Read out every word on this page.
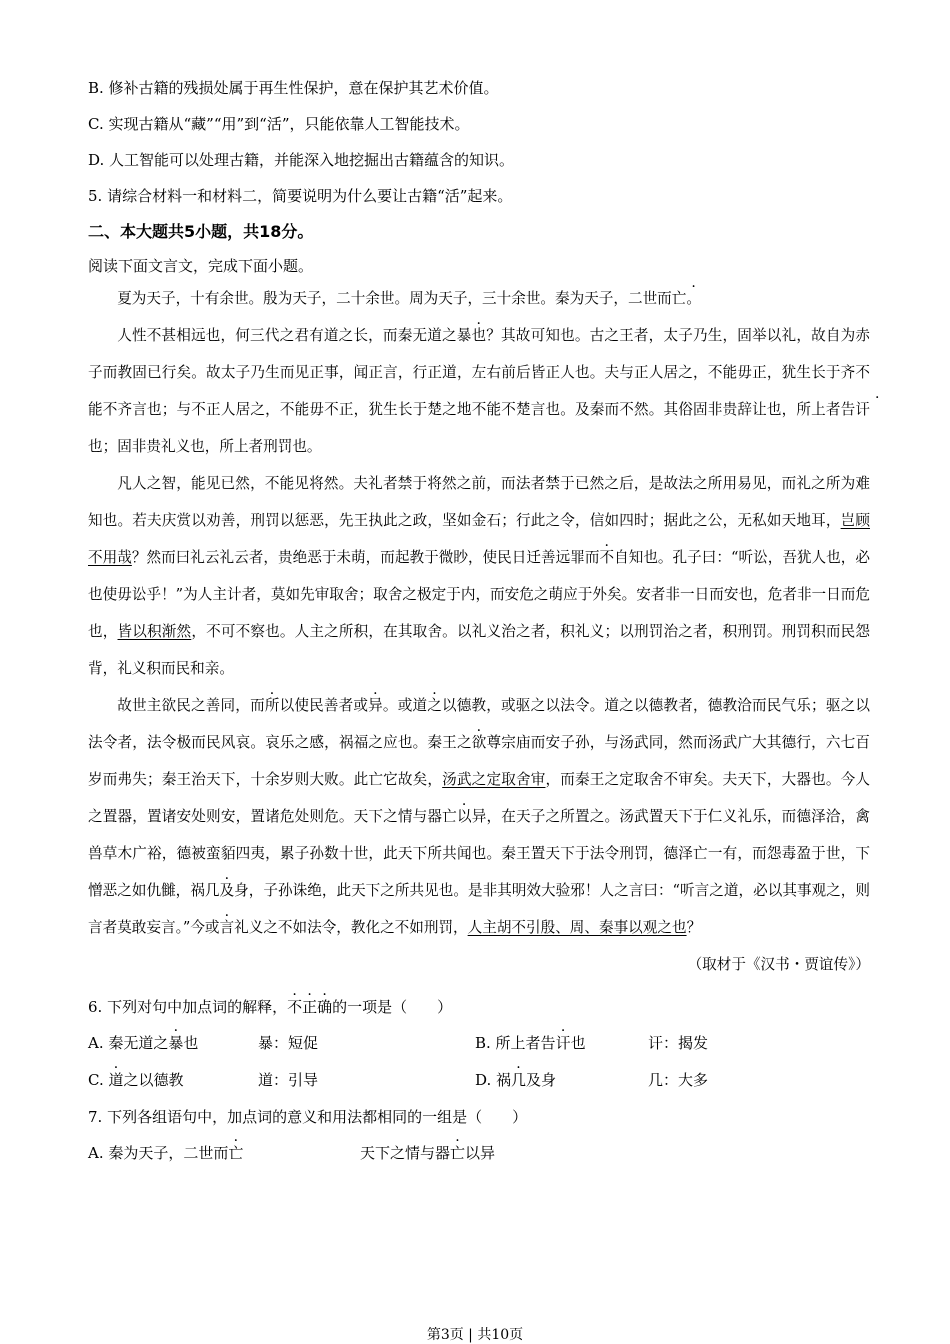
B. 修补古籍的残损处属于再生性保护，意在保护其艺术价值。
C. 实现古籍从“藏”“用”到“活”，只能依靠人工智能技术。
D. 人工智能可以处理古籍，并能深入地挖掘出古籍蕴含的知识。
5. 请综合材料一和材料二，简要说明为什么要让古籍“活”起来。
二、本大题共5小题，共18分。
阅读下面文言文，完成下面小题。

夏为天子，十有余世。殷为天子，二十余世。周为天子，三十余世。秦为天子，二世而亡。

人性不甚相远也，何三代之君有道之长，而秦无道之暴也？其故可知也。古之王者，太子乃生，固举以礼，故自为赤子而教固已行矣。故太子乃生而见正事，闻正言，行正道，左右前后皆正人也。夫与正人居之，不能毋正，犹生长于齐不能不齐言也；与不正人居之，不能毋不正，犹生长于楚之地不能不楚言也。及秦而不然。其俗固非贵辞让也，所上者告讦也；固非贵礼义也，所上者刑罚也。

凡人之智，能见已然，不能见将然。夫礼者禁于将然之前，而法者禁于已然之后，是故法之所用易见，而礼之所为难知也。若夫庆赏以劝善，刑罚以惩恶，先王执此之政，坚如金石；行此之令，信如四时；据此之公，无私如天地耳，岂顾不用哉？然而曰礼云礼云者，贵绝恶于未萌，而起教于微眇，使民日迁善远罪而不自知也。孔子曰：“听讼，吾犹人也，必也使毋讼乎！”为人主计者，莫如先审取舍；取舍之极定于内，而安危之萌应于外矣。安者非一日而安也，危者非一日而危也，皆以积渐然，不可不察也。人主之所积，在其取舍。以礼义治之者，积礼义；以刑罚治之者，积刑罚。刑罚积而民怨背，礼义积而民和亲。

故世主欲民之善同，而所以使民善者或异。或道之以德教，或驱之以法令。道之以德教者，德教洽而民气乐；驱之以法令者，法令极而民风哀。哀乐之感，祸福之应也。秦王之欲尊宗庙而安子孙，与汤武同，然而汤武广大其德行，六七百岁而弗失；秦王治天下，十余岁则大败。此亡它故矣，汤武之定取舍审，而秦王之定取舍不审矣。夫天下，大器也。今人之置器，置诸安处则安，置诸危处则危。天下之情与器亡以异，在天子之所置之。汤武置天下于仁义礼乐，而德泽洽，禽兽草木广裕，德被蛮貊四夷，累子孙数十世，此天下所共闻也。秦王置天下于法令刑罚，德泽亡一有，而怨毒盈于世，下憎恶之如仇雠，祸几及身，子孙诛绝，此天下之所共见也。是非其明效大验邪！人之言曰：“听言之道，必以其事观之，则言者莫敢妄言。”今或言礼义之不如法令，教化之不如刑罚，人主胡不引殷、周、秦事以观之也？

（取材于《汉书・贾谊传》）
6. 下列对句中加点词的解释，不正确的一项是（　　）
A. 秦无道之暴也	暴：短促	B. 所上者告讦也	讦：揭发
C. 道之以德教	道：引导	D. 祸几及身	几：大多
7. 下列各组语句中，加点词的意义和用法都相同的一组是（　　）
A. 秦为天子，二世而亡	天下之情与器亡以异
第3页 | 共10页
